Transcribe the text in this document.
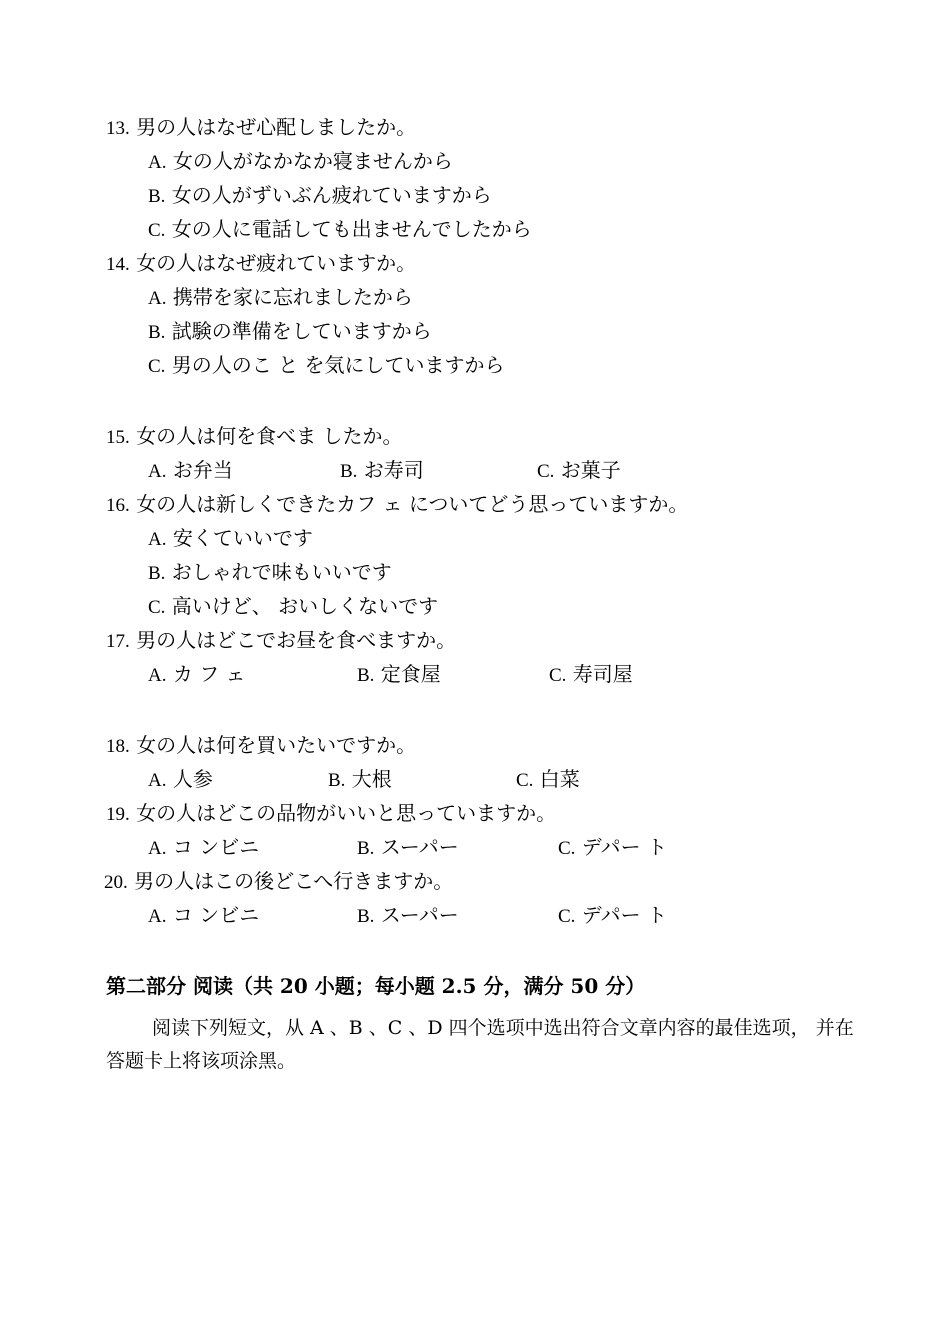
13. 男の人はなぜ心配しましたか。
A. 女の人がなかなか寝ませんから
B. 女の人がずいぶん疲れていますから
C. 女の人に電話しても出ませんでしたから
14. 女の人はなぜ疲れていますか。
A. 携帯を家に忘れましたから
B. 試験の準備をしていますから
C. 男の人のこ と を気にしていますから
15. 女の人は何を食べま したか。
A. お弁当	B. お寿司	C. お菓子
16. 女の人は新しくできたカフ ェ についてどう思っていますか。
A. 安くていいです
B. おしゃれで味もいいです
C. 高いけど、 おいしくないです
17. 男の人はどこでお昼を食べますか。
A. カ フ ェ	B. 定食屋	C. 寿司屋
18. 女の人は何を買いたいですか。
A. 人参	B. 大根	C. 白菜
19. 女の人はどこの品物がいいと思っていますか。
A. コ ンビニ	B. スーパー	C. デパー ト
20. 男の人はこの後どこへ行きますか。
A. コ ンビニ	B. スーパー	C. デパー ト
第二部分 阅读（共 20 小题；每小题 2.5 分，满分 50 分）
阅读下列短文，从 A 、B 、C 、D 四个选项中选出符合文章内容的最佳选项， 并在答题卡上将该项涂黑。
